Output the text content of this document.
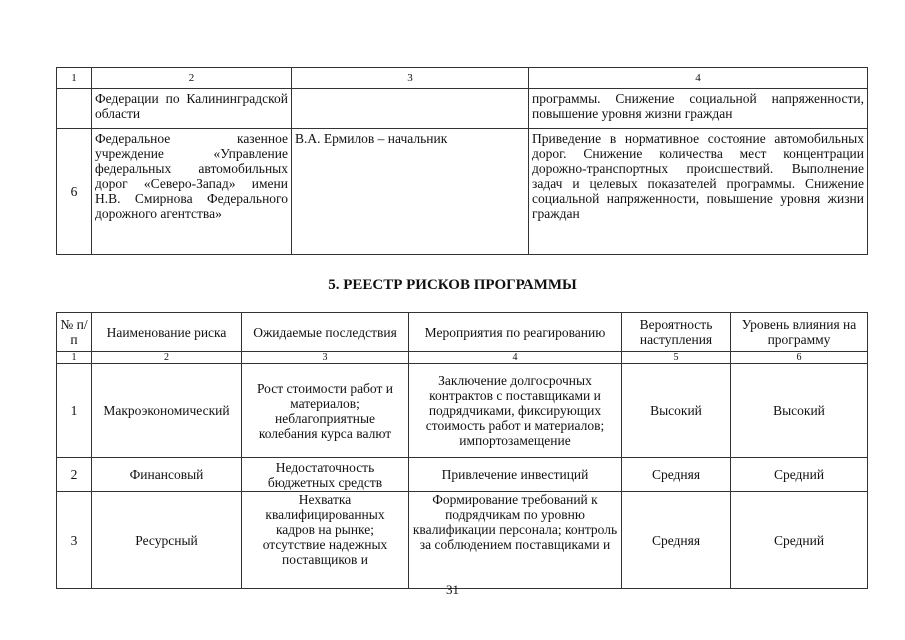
1	2	3	4
	Федерации по Калининградской области		программы. Снижение социальной напряженности, повышение уровня жизни граждан
6	Федеральное казенное учреждение «Управление федеральных автомобильных дорог «Северо-Запад» имени Н.В. Смирнова Федерального дорожного агентства»	В.А. Ермилов – начальник	Приведение в нормативное состояние автомобильных дорог. Снижение количества мест концентрации дорожно-транспортных происшествий. Выполнение задач и целевых показателей программы. Снижение социальной напряженности, повышение уровня жизни граждан
5. РЕЕСТР РИСКОВ ПРОГРАММЫ
№ п/п	Наименование риска	Ожидаемые последствия	Мероприятия по реагированию	Вероятность наступления	Уровень влияния на программу
1	2	3	4	5	6
1	Макроэкономический	Рост стоимости работ и материалов; неблагоприятные колебания курса валют	Заключение долгосрочных контрактов с поставщиками и подрядчиками, фиксирующих стоимость работ и материалов; импортозамещение	Высокий	Высокий
2	Финансовый	Недостаточность бюджетных средств	Привлечение инвестиций	Средняя	Средний
3	Ресурсный	Нехватка квалифицированных кадров на рынке; отсутствие надежных поставщиков и	Формирование требований к подрядчикам по уровню квалификации персонала; контроль за соблюдением поставщиками и	Средняя	Средний
31
